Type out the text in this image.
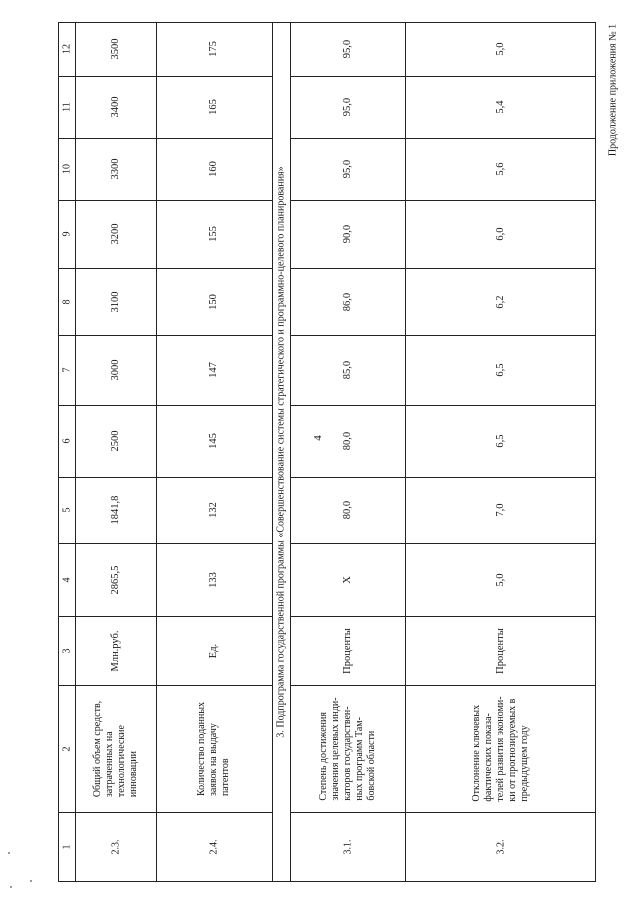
4
Продолжение приложения № 1
1
2
3
4
5
6
7
8
9
10
11
12
2.3.
Общий объем средств, затраченных на технологические инновации
Млн.руб.
2865,5
1841,8
2500
3000
3100
3200
3300
3400
3500
2.4.
Количество поданных заявок на выдачу патентов
Ед.
133
132
145
147
150
155
160
165
175
3. Подпрограмма государственной программы «Совершенствование системы стратегического и программно-целевого планирования»
3.1.
Степень достижения значения целевых инди- каторов государствен- ных программ Там- бовской области
Проценты
Х
80,0
80,0
85,0
86,0
90,0
95,0
95,0
95,0
3.2.
Отклонение ключевых фактических показа- телей развития экономи- ки от прогнозируемых в предыдущем году
Проценты
5,0
7,0
6,5
6,5
6,2
6,0
5,6
5,4
5,0
